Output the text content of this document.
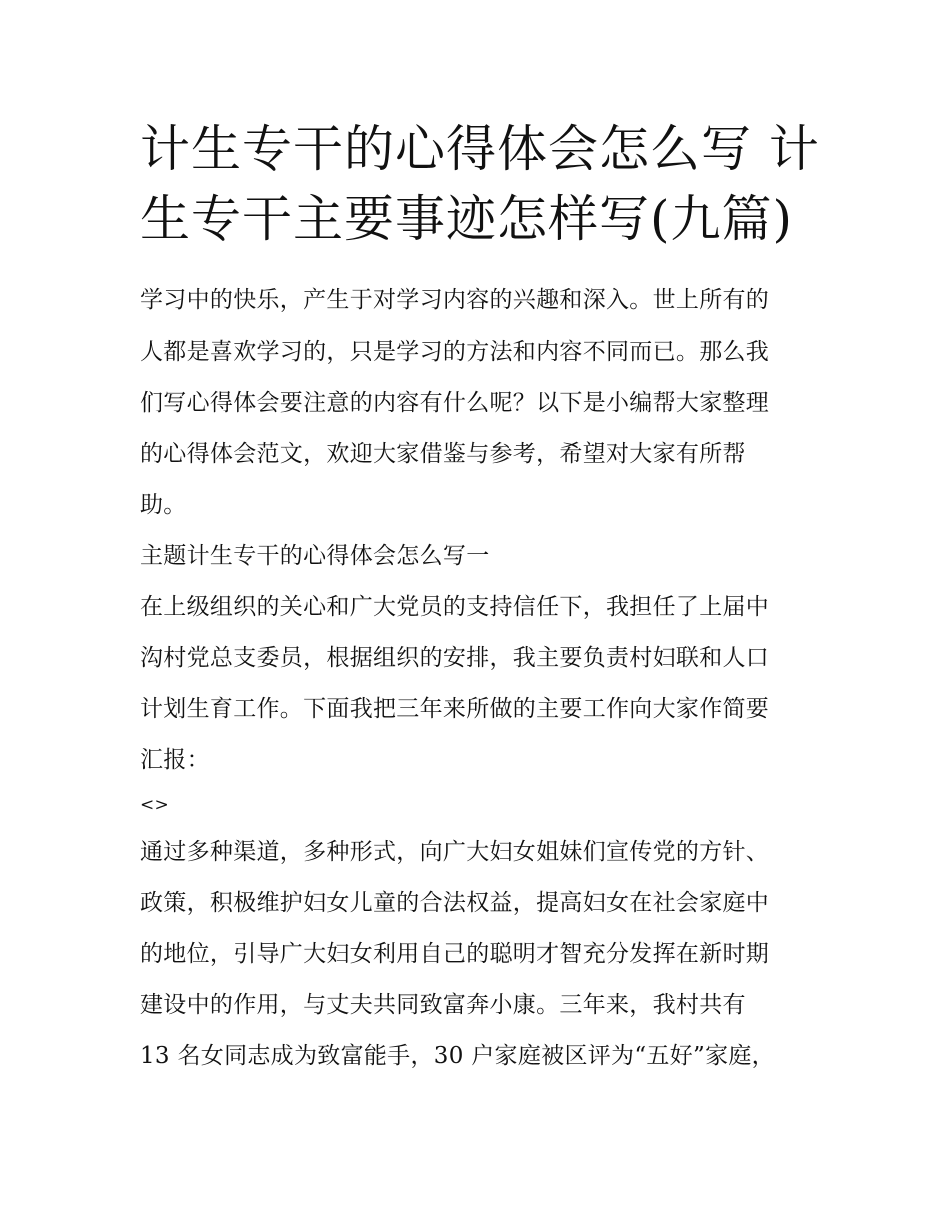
计生专干的心得体会怎么写 计生专干主要事迹怎样写(九篇)

学习中的快乐，产生于对学习内容的兴趣和深入。世上所有的

人都是喜欢学习的，只是学习的方法和内容不同而已。那么我

们写心得体会要注意的内容有什么呢？以下是小编帮大家整理

的心得体会范文，欢迎大家借鉴与参考，希望对大家有所帮

助。

主题计生专干的心得体会怎么写一

在上级组织的关心和广大党员的支持信任下，我担任了上届中

沟村党总支委员，根据组织的安排，我主要负责村妇联和人口

计划生育工作。下面我把三年来所做的主要工作向大家作简要

汇报：

<>

通过多种渠道，多种形式，向广大妇女姐妹们宣传党的方针、

政策，积极维护妇女儿童的合法权益，提高妇女在社会家庭中

的地位，引导广大妇女利用自己的聪明才智充分发挥在新时期

建设中的作用，与丈夫共同致富奔小康。三年来，我村共有

13 名女同志成为致富能手，30 户家庭被区评为“五好”家庭，
